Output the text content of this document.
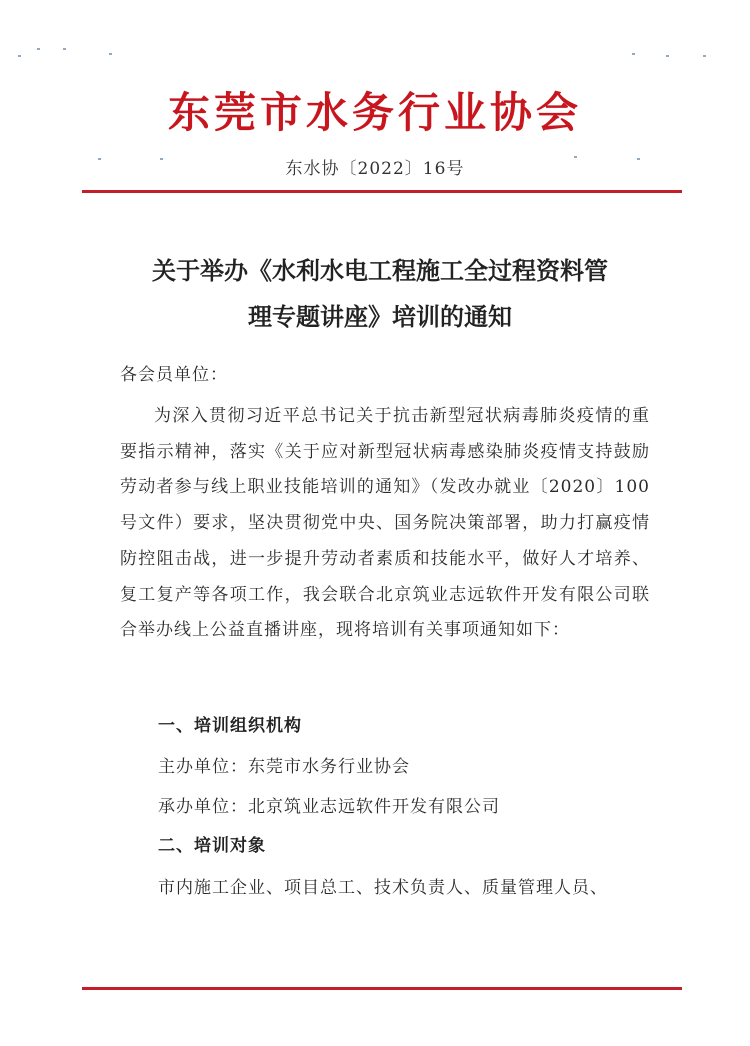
东莞市水务行业协会
东水协〔2022〕16号
关于举办《水利水电工程施工全过程资料管
理专题讲座》培训的通知
各会员单位：

为深入贯彻习近平总书记关于抗击新型冠状病毒肺炎疫情的重要指示精神，落实《关于应对新型冠状病毒感染肺炎疫情支持鼓励劳动者参与线上职业技能培训的通知》（发改办就业〔2020〕100号文件）要求，坚决贯彻党中央、国务院决策部署，助力打赢疫情防控阻击战，进一步提升劳动者素质和技能水平，做好人才培养、复工复产等各项工作，我会联合北京筑业志远软件开发有限公司联合举办线上公益直播讲座，现将培训有关事项通知如下：

一、培训组织机构
主办单位：东莞市水务行业协会
承办单位：北京筑业志远软件开发有限公司
二、培训对象
市内施工企业、项目总工、技术负责人、质量管理人员、
